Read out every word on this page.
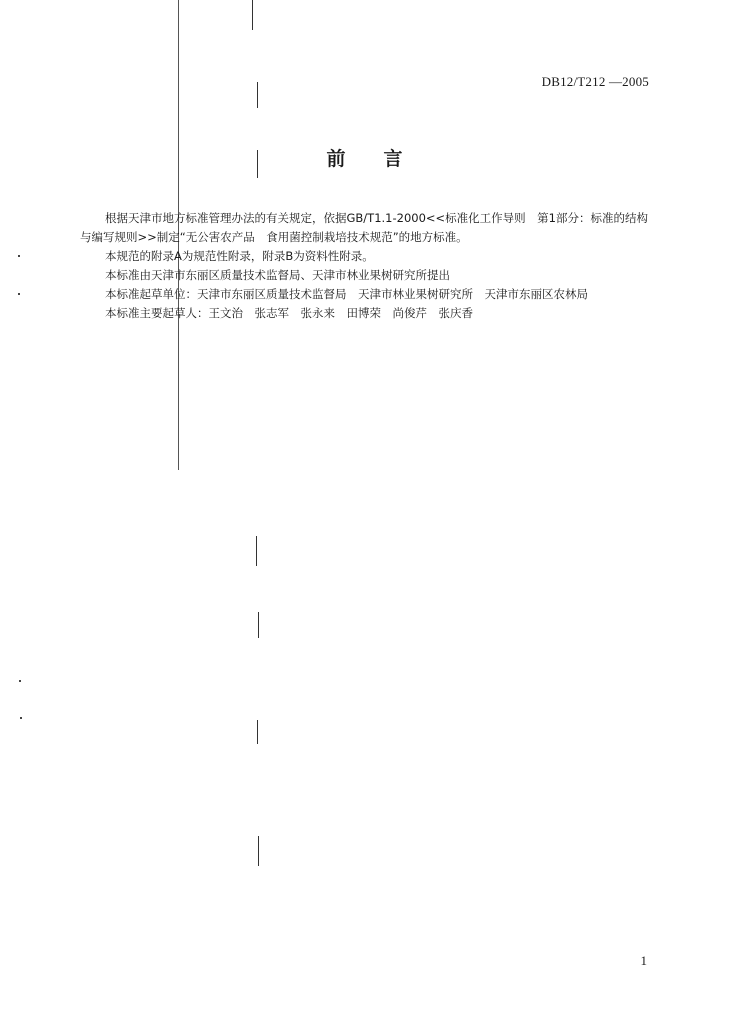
DB12/T212 —2005
前 言

根据天津市地方标准管理办法的有关规定，依据GB/T1.1-2000<<标准化工作导则　第1部分：标准的结构与编写规则>>制定“无公害农产品　食用菌控制栽培技术规范”的地方标准。

本规范的附录A为规范性附录，附录B为资料性附录。

本标准由天津市东丽区质量技术监督局、天津市林业果树研究所提出

本标准起草单位：天津市东丽区质量技术监督局　天津市林业果树研究所　天津市东丽区农林局

本标准主要起草人：王文治　张志军　张永来　田博荣　尚俊芹　张庆香

1
